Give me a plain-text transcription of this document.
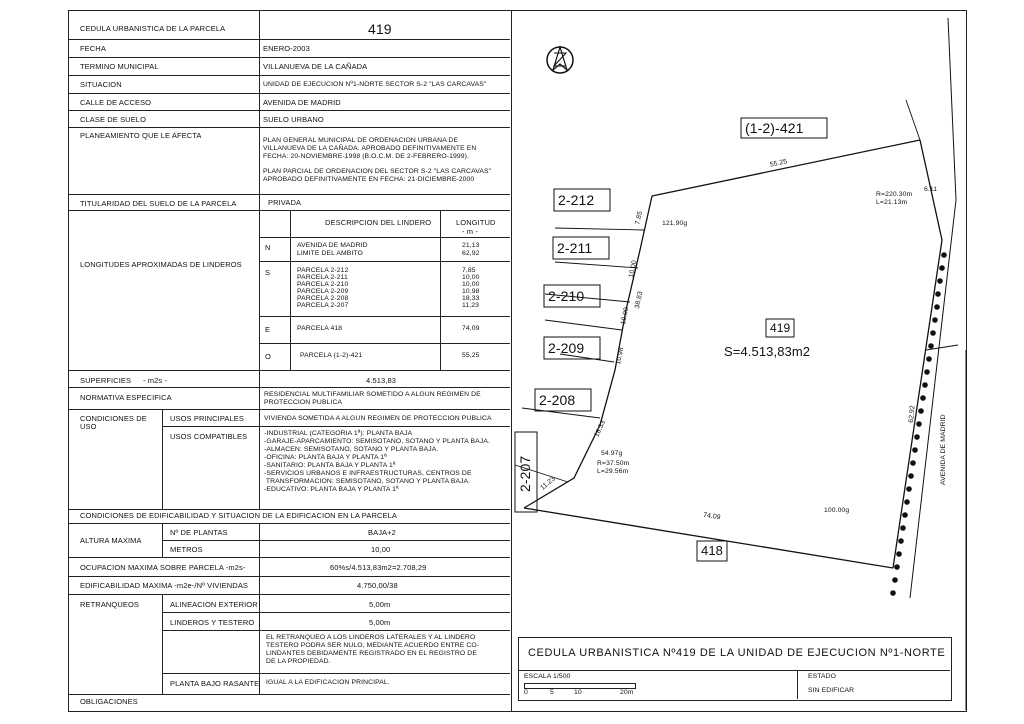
CEDULA URBANISTICA DE LA PARCELA	419
FECHA	ENERO-2003
TERMINO MUNICIPAL	VILLANUEVA DE LA CAÑADA
SITUACION	UNIDAD DE EJECUCION Nº1-NORTE SECTOR S-2 "LAS CARCAVAS"
CALLE DE ACCESO	AVENIDA DE MADRID
CLASE DE SUELO	SUELO URBANO
PLANEAMIENTO QUE LE AFECTA
PLAN GENERAL MUNICIPAL DE ORDENACION URBANA DE
VILLANUEVA DE LA CAÑADA. APROBADO DEFINITIVAMENTE EN
FECHA: 20-NOVIEMBRE-1998 (B.O.C.M. DE 2-FEBRERO-1999).
PLAN PARCIAL DE ORDENACION DEL SECTOR S-2 "LAS CARCAVAS"
APROBADO DEFINITIVAMENTE EN FECHA: 21-DICIEMBRE-2000
TITULARIDAD DEL SUELO DE LA PARCELA	PRIVADA
LONGITUDES APROXIMADAS DE LINDEROS
DESCRIPCION DEL LINDERO	LONGITUD
- m -
N	AVENIDA DE MADRID	21,13
LIMITE DEL AMBITO	62,92
S	PARCELA 2-212	7,85
PARCELA 2-211	10,00
PARCELA 2-210	10,00
PARCELA 2-209	10,98
PARCELA 2-208	18,33
PARCELA 2-207	11,23
E	PARCELA 418	74,09
O	PARCELA (1-2)-421	55,25
SUPERFICIES - m2s -	4.513,83
NORMATIVA ESPECIFICA	RESIDENCIAL MULTIFAMILIAR SOMETIDO A ALGUN REGIMEN DE
PROTECCION PUBLICA
CONDICIONES DE
USO
USOS PRINCIPALES	VIVIENDA SOMETIDA A ALGUN REGIMEN DE PROTECCION PUBLICA
USOS COMPATIBLES -INDUSTRIAL (CATEGORIA 1ª): PLANTA BAJA
-GARAJE-APARCAMIENTO: SEMISOTANO, SOTANO Y PLANTA BAJA.
-ALMACEN: SEMISOTANO, SOTANO Y PLANTA BAJA.
-OFICINA: PLANTA BAJA Y PLANTA 1ª
-SANITARIO: PLANTA BAJA Y PLANTA 1ª
-SERVICIOS URBANOS E INFRAESTRUCTURAS, CENTROS DE
TRANSFORMACION: SEMISOTANO, SOTANO Y PLANTA BAJA.
-EDUCATIVO: PLANTA BAJA Y PLANTA 1ª
CONDICIONES DE EDIFICABILIDAD Y SITUACION DE LA EDIFICACION EN LA PARCELA
ALTURA MAXIMA
Nº DE PLANTAS	BAJA+2
METROS	10,00
OCUPACION MAXIMA SOBRE PARCELA -m2s-	60%s/4.513,83m2=2.708,29
EDIFICABILIDAD MAXIMA -m2e-/Nº VIVIENDAS	4.750,00/38
RETRANQUEOS	ALINEACION EXTERIOR	5,00m
LINDEROS Y TESTERO	5,00m
EL RETRANQUEO A LOS LINDEROS LATERALES Y AL LINDERO
TESTERO PODRA SER NULO, MEDIANTE ACUERDO ENTRE CO-
LINDANTES DEBIDAMENTE REGISTRADO EN EL REGISTRO DE
DE LA PROPIEDAD.
PLANTA BAJO RASANTE IGUAL A LA EDIFICACION PRINCIPAL.
OBLIGACIONES
(1-2)-421
2-212
2-211
2-210
2-209
2-208
2-207
419
S=4.513,83m2
418
AVENIDA DE MADRID
55.25
7.85
10.00
10.00
38.83
10.98
18.33
11.23
74.09
62.92
6.11
121.90g
54.97g
100.00g
R=220.30m
L=21.13m
R=37.50m
L=29.56m
CEDULA URBANISTICA Nº419 DE LA UNIDAD DE EJECUCION Nº1-NORTE
ESCALA 1/500
0	5	10	20m
ESTADO
SIN EDIFICAR
